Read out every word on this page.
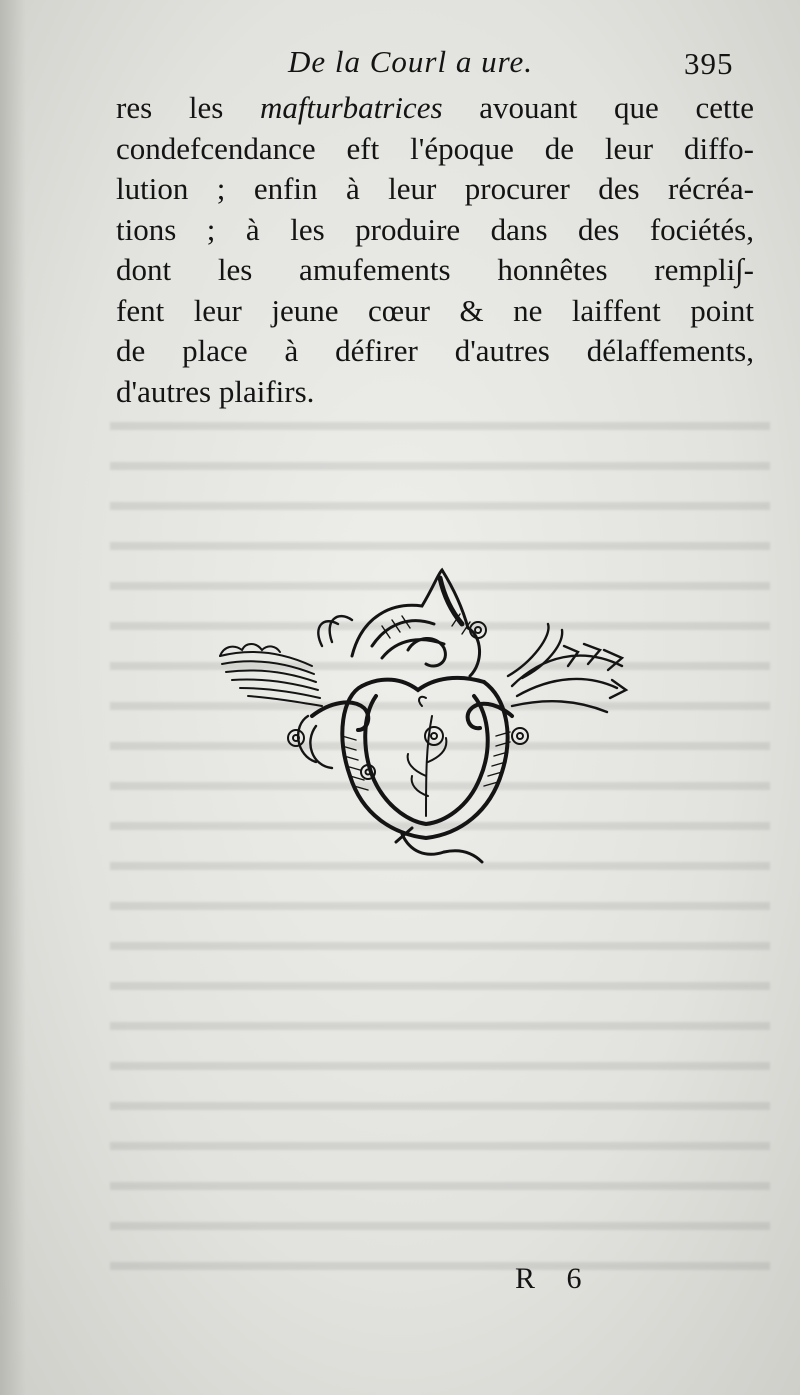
De la Courl a ure.	395
res les mafturbatrices avouant que cette
condefcendance eft l'époque de leur diffo-
lution ; enfin à leur procurer des récréa-
tions ; à les produire dans des fociétés,
dont les amufements honnêtes rempli∫-
fent leur jeune cœur & ne laiffent point
de place à défirer d'autres délaffements,
d'autres plaifirs.
R 6
